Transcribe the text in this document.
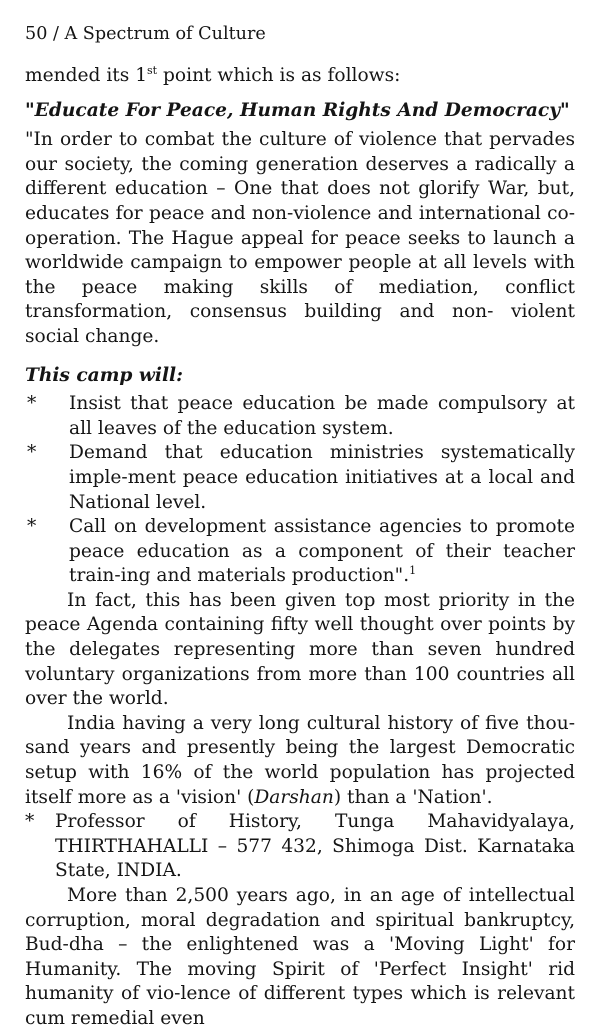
50 / A Spectrum of Culture

mended its 1st point which is as follows:

"Educate For Peace, Human Rights And Democracy"

"In order to combat the culture of violence that pervades our society, the coming generation deserves a radically a different education – One that does not glorify War, but, educates for peace and non-violence and international co-operation. The Hague appeal for peace seeks to launch a worldwide campaign to empower people at all levels with the peace making skills of mediation, conflict transformation, consensus building and non- violent social change.

This camp will:

* Insist that peace education be made compulsory at all leaves of the education system.
* Demand that education ministries systematically imple-ment peace education initiatives at a local and National level.
* Call on development assistance agencies to promote peace education as a component of their teacher train-ing and materials production".$^1$

In fact, this has been given top most priority in the peace Agenda containing fifty well thought over points by the delegates representing more than seven hundred voluntary organizations from more than 100 countries all over the world.

India having a very long cultural history of five thou-sand years and presently being the largest Democratic setup with 16% of the world population has projected itself more as a 'vision' (Darshan) than a 'Nation'.

* Professor of History, Tunga Mahavidyalaya, THIRTHAHALLI – 577 432, Shimoga Dist. Karnataka State, INDIA.

More than 2,500 years ago, in an age of intellectual corruption, moral degradation and spiritual bankruptcy, Bud-dha – the enlightened was a 'Moving Light' for Humanity. The moving Spirit of 'Perfect Insight' rid humanity of vio-lence of different types which is relevant cum remedial even
